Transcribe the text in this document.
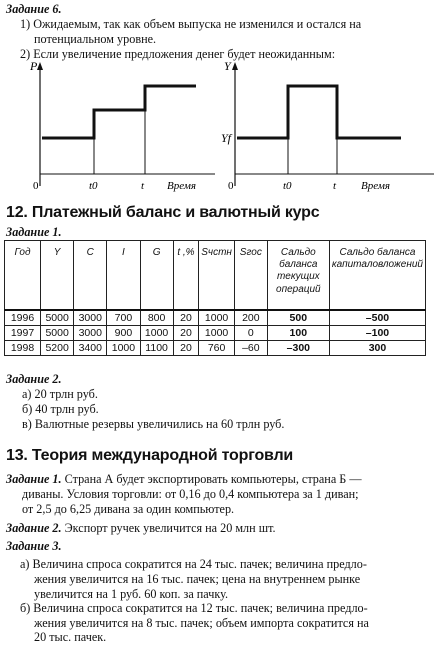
Задание 6.
1) Ожидаемым, так как объем выпуска не изменился и остался на
потенциальном уровне.
2) Если увеличение предложения денег будет неожиданным:
P
0	t0	t Время
Y
Yf
0	t0	t Время
12. Платежный баланс и валютный курс
Задание 1.
Год	Y	C	I	G	t ,%	Sчстн	Sгос	Сальдо баланса текущих операций	Сальдо баланса капиталовложений
1996	5000	3000	700	800	20	1000	200	500	–500
1997	5000	3000	900	1000	20	1000	0	100	–100
1998	5200	3400	1000	1100	20	760	–60	–300	300
Задание 2.
а) 20 трлн руб.
б) 40 трлн руб.
в) Валютные резервы увеличились на 60 трлн руб.
13. Теория международной торговли
Задание 1. Страна А будет экспортировать компьютеры, страна Б —
диваны. Условия торговли: от 0,16 до 0,4 компьютера за 1 диван;
от 2,5 до 6,25 дивана за один компьютер.
Задание 2. Экспорт ручек увеличится на 20 млн шт.
Задание 3.
а) Величина спроса сократится на 24 тыс. пачек; величина предло-
жения увеличится на 16 тыс. пачек; цена на внутреннем рынке
увеличится на 1 руб. 60 коп. за пачку.
б) Величина спроса сократится на 12 тыс. пачек; величина предло-
жения увеличится на 8 тыс. пачек; объем импорта сократится на
20 тыс. пачек.
